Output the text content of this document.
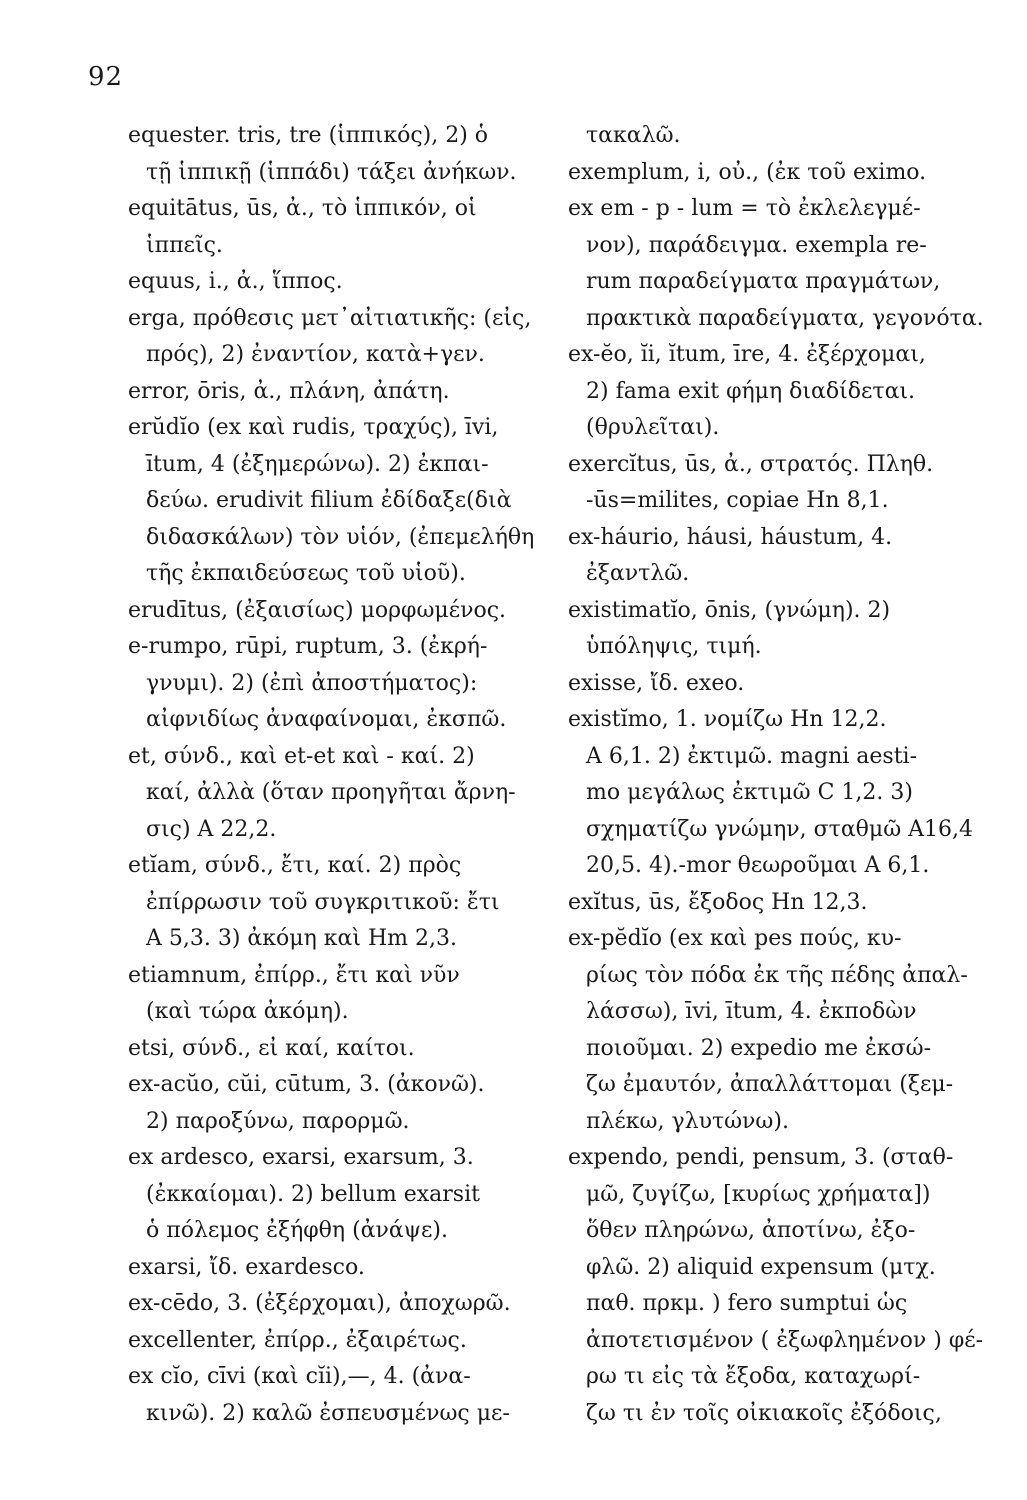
92
equester. tris, tre (ἱππικός), 2) ὁ
τῇ ἱππικῇ (ἱππάδι) τάξει ἀνήκων.
equitātus, ūs, ἀ., τὸ ἱππικόν, οἱ
ἱππεῖς.
equus, i., ἀ., ἵππος.
erga, πρόθεσις μετ᾽αἰτιατικῆς: (εἰς,
πρός), 2) ἐναντίον, κατὰ+γεν.
error, ōris, ἀ., πλάνη, ἀπάτη.
erŭdĭo (ex καὶ rudis, τραχύς), īvi,
ītum, 4 (ἐξημερώνω). 2) ἐκπαι-
δεύω. erudivit filium ἐδίδαξε(διὰ
διδασκάλων) τὸν υἱόν, (ἐπεμελήθη
τῆς ἐκπαιδεύσεως τοῦ υἱοῦ).
erudītus, (ἐξαισίως) μορφωμένος.
e-rumpo, rūpi, ruptum, 3. (ἐκρή-
γνυμι). 2) (ἐπὶ ἀποστήματος):
αἰφνιδίως ἀναφαίνομαι, ἐκσπῶ.
et, σύνδ., καὶ et-et καὶ - καί. 2)
καί, ἀλλὰ (ὅταν προηγῆται ἄρνη-
σις) A 22,2.
etĭam, σύνδ., ἔτι, καί. 2) πρὸς
ἐπίρρωσιν τοῦ συγκριτικοῦ: ἔτι
A 5,3. 3) ἀκόμη καὶ Hm 2,3.
etiamnum, ἐπίρρ., ἔτι καὶ νῦν
(καὶ τώρα ἀκόμη).
etsi, σύνδ., εἰ καί, καίτοι.
ex-acŭo, cŭi, cūtum, 3. (ἀκονῶ).
2) παροξύνω, παρορμῶ.
ex ardesco, exarsi, exarsum, 3.
(ἐκκαίομαι). 2) bellum exarsit
ὁ πόλεμος ἐξήφθη (ἀνάψε).
exarsi, ἴδ. exardesco.
ex-cēdo, 3. (ἐξέρχομαι), ἀποχωρῶ.
excellenter, ἐπίρρ., ἐξαιρέτως.
ex cĭo, cīvi (καὶ cĭi),—, 4. (ἀνα-
κινῶ). 2) καλῶ ἐσπευσμένως με-
τακαλῶ.
exemplum, i, οὐ., (ἐκ τοῦ eximo.
ex em - p - lum = τὸ ἐκλελεγμέ-
νον), παράδειγμα. exempla re-
rum παραδείγματα πραγμάτων,
πρακτικὰ παραδείγματα, γεγονότα.
ex-ĕo, ĭi, ĭtum, īre, 4. ἐξέρχομαι,
2) fama exit φήμη διαδίδεται.
(θρυλεῖται).
exercĭtus, ūs, ἀ., στρατός. Πληθ.
-ūs=milites, copiae Hn 8,1.
ex-háurio, háusi, háustum, 4.
ἐξαντλῶ.
existimatĭo, ōnis, (γνώμη). 2)
ὑπόληψις, τιμή.
exisse, ἴδ. exeo.
existĭmo, 1. νομίζω Hn 12,2.
A 6,1. 2) ἐκτιμῶ. magni aesti-
mo μεγάλως ἐκτιμῶ C 1,2. 3)
σχηματίζω γνώμην, σταθμῶ A16,4
20,5. 4).-mor θεωροῦμαι A 6,1.
exĭtus, ūs, ἔξοδος Hn 12,3.
ex-pĕdĭo (ex καὶ pes πούς, κυ-
ρίως τὸν πόδα ἐκ τῆς πέδης ἀπαλ-
λάσσω), īvi, ītum, 4. ἐκποδὼν
ποιοῦμαι. 2) expedio me ἐκσώ-
ζω ἐμαυτόν, ἀπαλλάττομαι (ξεμ-
πλέκω, γλυτώνω).
expendo, pendi, pensum, 3. (σταθ-
μῶ, ζυγίζω, [κυρίως χρήματα])
ὅθεν πληρώνω, ἀποτίνω, ἐξο-
φλῶ. 2) aliquid expensum (μτχ.
παθ. πρκμ. ) fero sumptui ὡς
ἀποτετισμένον ( ἐξωφλημένον ) φέ-
ρω τι εἰς τὰ ἔξοδα, καταχωρί-
ζω τι ἐν τοῖς οἰκιακοῖς ἐξόδοις,
